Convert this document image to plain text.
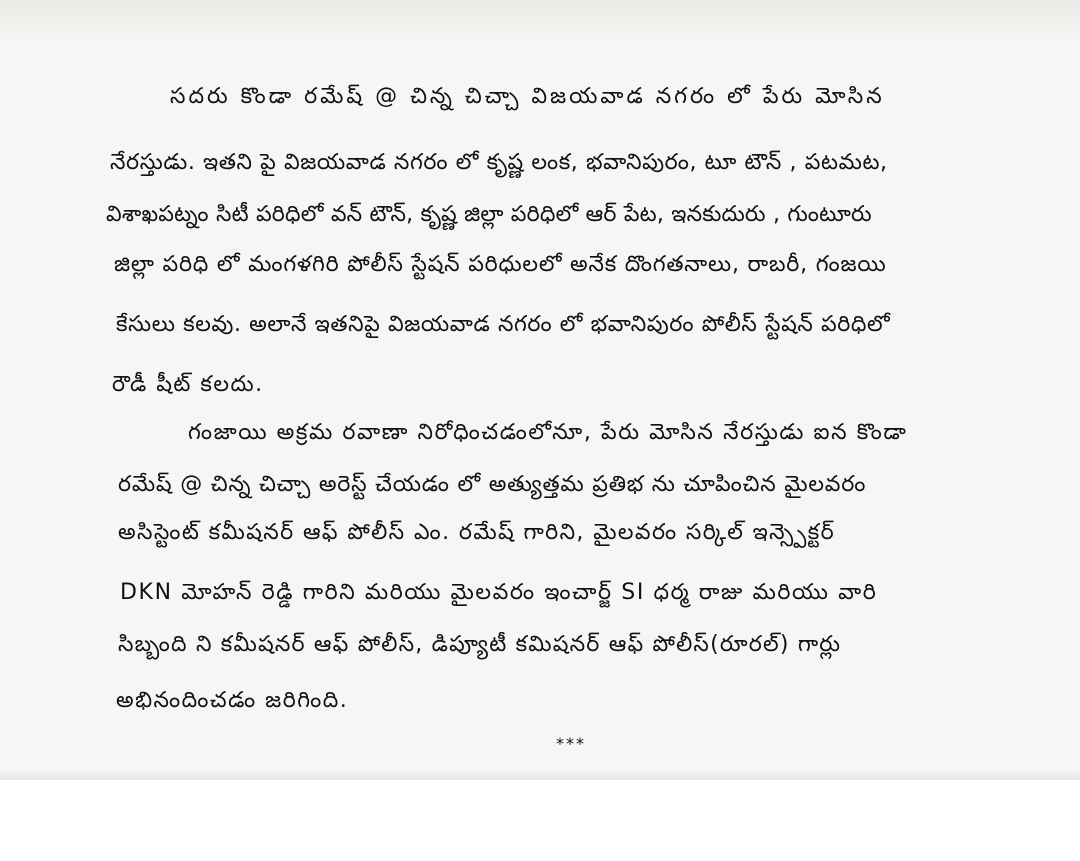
సదరు కొండా రమేష్ @ చిన్న చిచ్చా విజయవాడ నగరం లో పేరు మోసిన
నేరస్తుడు. ఇతని పై విజయవాడ నగరం లో కృష్ణ లంక, భవానిపురం, టూ టౌన్ , పటమట,
విశాఖపట్నం సిటీ పరిధిలో వన్ టౌన్, కృష్ణ జిల్లా పరిధిలో ఆర్ పేట, ఇనకుదురు , గుంటూరు
జిల్లా పరిధి లో మంగళగిరి పోలీస్ స్టేషన్ పరిధులలో అనేక దొంగతనాలు, రాబరీ, గంజయి
కేసులు కలవు. అలానే ఇతనిపై విజయవాడ నగరం లో భవానిపురం పోలీస్ స్టేషన్ పరిధిలో
రౌడీ షీట్ కలదు.
గంజాయి అక్రమ రవాణా నిరోధించడంలోనూ, పేరు మోసిన నేరస్తుడు ఐన కొండా
రమేష్ @ చిన్న చిచ్చా అరెస్ట్ చేయడం లో అత్యుత్తమ ప్రతిభ ను చూపించిన మైలవరం
అసిస్టెంట్ కమీషనర్ ఆఫ్ పోలీస్ ఎం. రమేష్ గారిని, మైలవరం సర్కిల్ ఇన్స్పెక్టర్
DKN మోహన్ రెడ్డి గారిని మరియు మైలవరం ఇంచార్జ్ SI ధర్మ రాజు మరియు వారి
సిబ్బంది ని కమీషనర్ ఆఫ్ పోలీస్, డిప్యూటీ కమిషనర్ ఆఫ్ పోలీస్(రూరల్) గార్లు
అభినందించడం జరిగింది.
***
